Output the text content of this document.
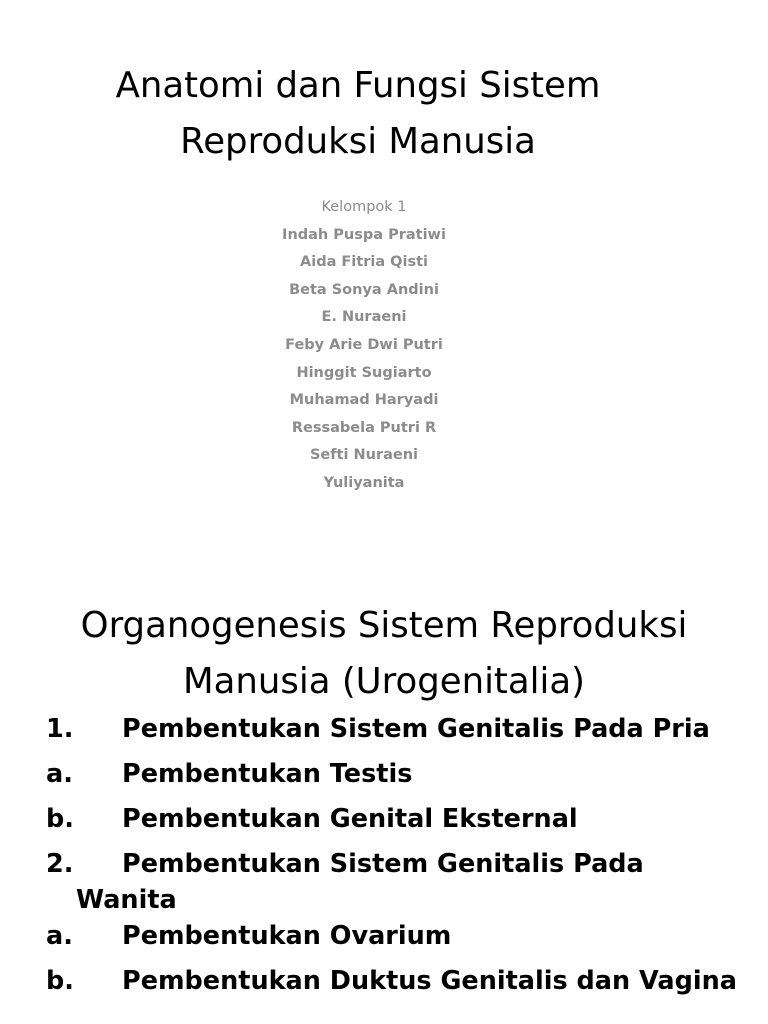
Anatomi dan Fungsi Sistem
Reproduksi Manusia
Kelompok 1
Indah Puspa Pratiwi
Aida Fitria Qisti
Beta Sonya Andini
E. Nuraeni
Feby Arie Dwi Putri
Hinggit Sugiarto
Muhamad Haryadi
Ressabela Putri R
Sefti Nuraeni
Yuliyanita
Organogenesis Sistem Reproduksi
Manusia (Urogenitalia)
1. Pembentukan Sistem Genitalis Pada Pria
a. Pembentukan Testis
b. Pembentukan Genital Eksternal
2. Pembentukan Sistem Genitalis Pada
Wanita
a. Pembentukan Ovarium
b. Pembentukan Duktus Genitalis dan Vagina
